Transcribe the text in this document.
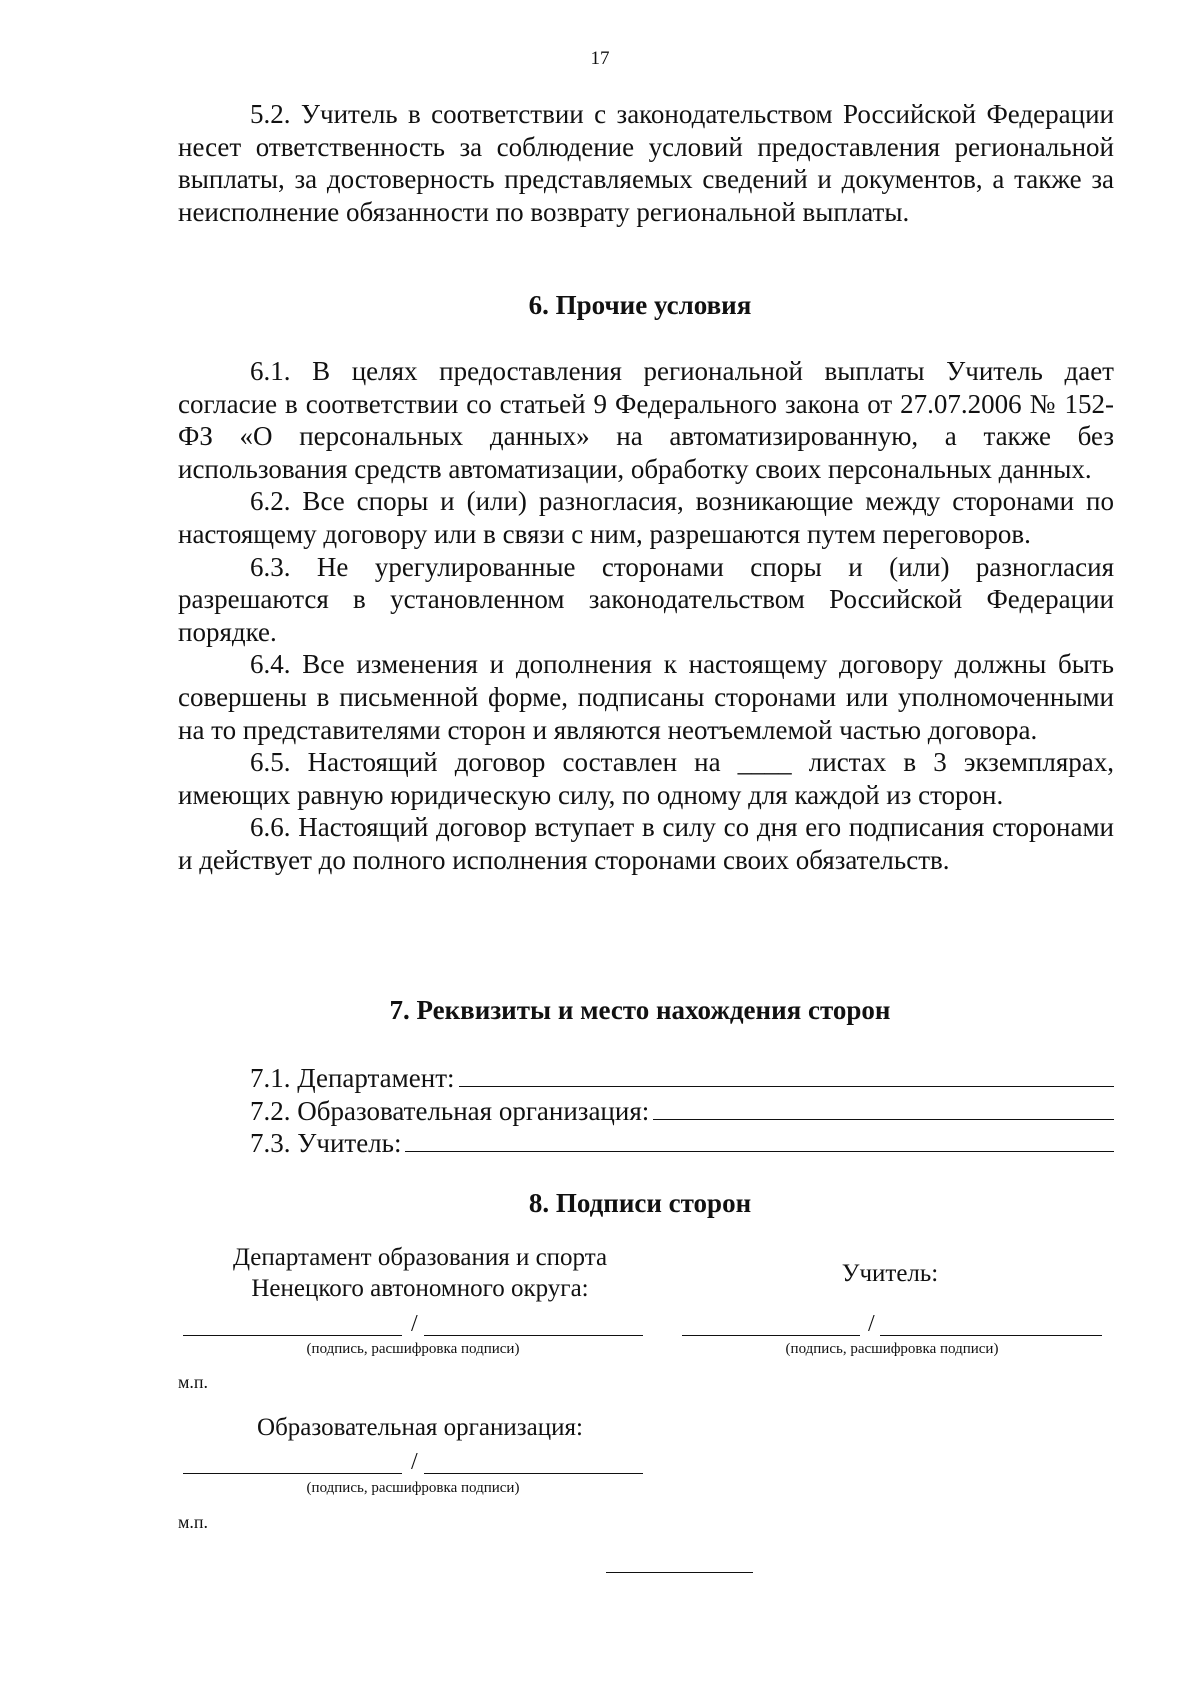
17

5.2. Учитель в соответствии с законодательством Российской Федерации несет ответственность за соблюдение условий предоставления региональной выплаты, за достоверность представляемых сведений и документов, а также за неисполнение обязанности по возврату региональной выплаты.

6. Прочие условия

6.1. В целях предоставления региональной выплаты Учитель дает согласие в соответствии со статьей 9 Федерального закона от 27.07.2006 № 152-ФЗ «О персональных данных» на автоматизированную, а также без использования средств автоматизации, обработку своих персональных данных.

6.2. Все споры и (или) разногласия, возникающие между сторонами по настоящему договору или в связи с ним, разрешаются путем переговоров.

6.3. Не урегулированные сторонами споры и (или) разногласия разрешаются в установленном законодательством Российской Федерации порядке.

6.4. Все изменения и дополнения к настоящему договору должны быть совершены в письменной форме, подписаны сторонами или уполномоченными на то представителями сторон и являются неотъемлемой частью договора.

6.5. Настоящий договор составлен на ____ листах в 3 экземплярах, имеющих равную юридическую силу, по одному для каждой из сторон.

6.6. Настоящий договор вступает в силу со дня его подписания сторонами и действует до полного исполнения сторонами своих обязательств.

7. Реквизиты и место нахождения сторон
7.1. Департамент:
7.2. Образовательная организация:
7.3. Учитель:
8. Подписи сторон
Департамент образования и спорта
Ненецкого автономного округа:
Учитель:
/
(подпись, расшифровка подписи)
м.п.
/
(подпись, расшифровка подписи)
Образовательная организация:
/
(подпись, расшифровка подписи)
м.п.
